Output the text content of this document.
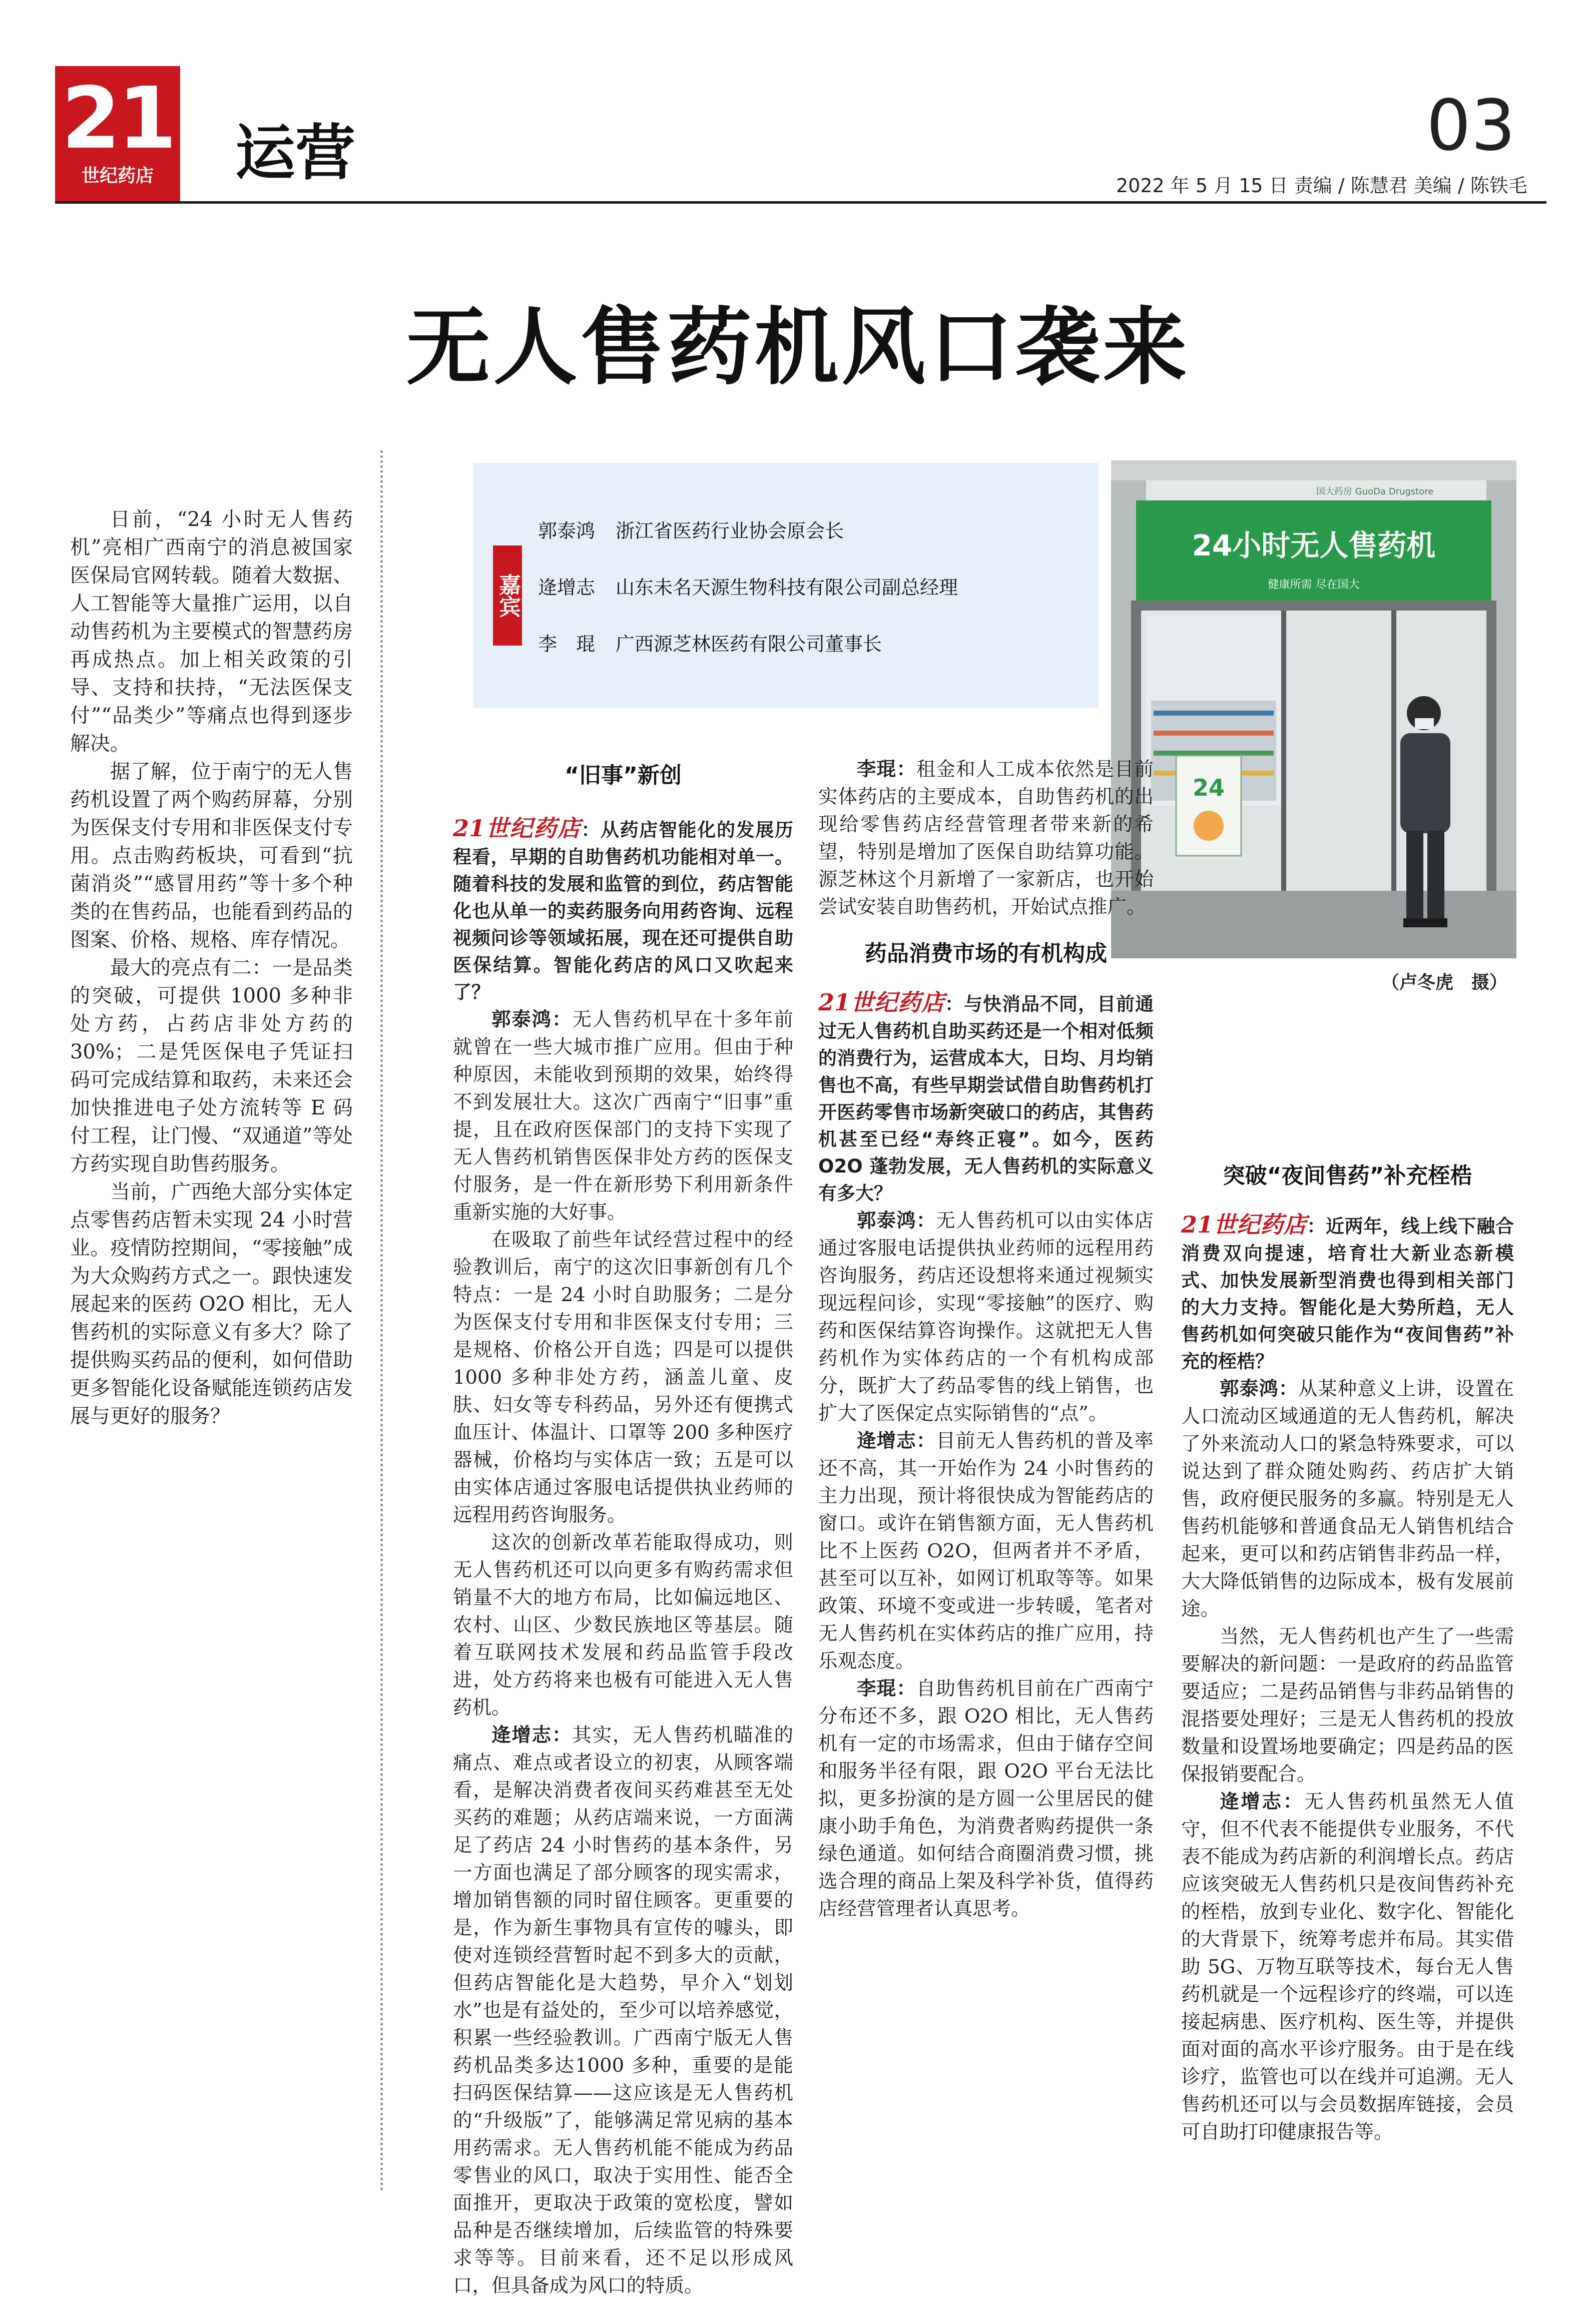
21
世纪药店	运营	03
2022 年 5 月 15 日 责编 / 陈慧君 美编 / 陈铁毛
无人售药机风口袭来

日前，“24 小时无人售药机”亮相广西南宁的消息被国家医保局官网转载。随着大数据、人工智能等大量推广运用，以自动售药机为主要模式的智慧药房再成热点。加上相关政策的引导、支持和扶持，“无法医保支付”“品类少”等痛点也得到逐步解决。

据了解，位于南宁的无人售药机设置了两个购药屏幕，分别为医保支付专用和非医保支付专用。点击购药板块，可看到“抗菌消炎”“感冒用药”等十多个种类的在售药品，也能看到药品的图案、价格、规格、库存情况。

最大的亮点有二：一是品类的突破，可提供 1000 多种非处方药，占药店非处方药的 30%；二是凭医保电子凭证扫码可完成结算和取药，未来还会加快推进电子处方流转等 E 码付工程，让门慢、“双通道”等处方药实现自助售药服务。

当前，广西绝大部分实体定点零售药店暂未实现 24 小时营业。疫情防控期间，“零接触”成为大众购药方式之一。跟快速发展起来的医药 O2O 相比，无人售药机的实际意义有多大？除了提供购买药品的便利，如何借助更多智能化设备赋能连锁药店发展与更好的服务？

嘉宾
郭泰鸿 浙江省医药行业协会原会长
逄增志 山东未名天源生物科技有限公司副总经理
李　琨 广西源芝林医药有限公司董事长
国大药房 GuoDa Drugstore
24小时无人售药机
健康所需 尽在国大
24
（卢冬虎　摄）
“旧事”新创

21世纪药店：从药店智能化的发展历程看，早期的自助售药机功能相对单一。随着科技的发展和监管的到位，药店智能化也从单一的卖药服务向用药咨询、远程视频问诊等领域拓展，现在还可提供自助医保结算。智能化药店的风口又吹起来了？

郭泰鸿：无人售药机早在十多年前就曾在一些大城市推广应用。但由于种种原因，未能收到预期的效果，始终得不到发展壮大。这次广西南宁“旧事”重提，且在政府医保部门的支持下实现了无人售药机销售医保非处方药的医保支付服务，是一件在新形势下利用新条件重新实施的大好事。

在吸取了前些年试经营过程中的经验教训后，南宁的这次旧事新创有几个特点：一是 24 小时自助服务；二是分为医保支付专用和非医保支付专用；三是规格、价格公开自选；四是可以提供 1000 多种非处方药，涵盖儿童、皮肤、妇女等专科药品，另外还有便携式血压计、体温计、口罩等 200 多种医疗器械，价格均与实体店一致；五是可以由实体店通过客服电话提供执业药师的远程用药咨询服务。

这次的创新改革若能取得成功，则无人售药机还可以向更多有购药需求但销量不大的地方布局，比如偏远地区、农村、山区、少数民族地区等基层。随着互联网技术发展和药品监管手段改进，处方药将来也极有可能进入无人售药机。

逄增志：其实，无人售药机瞄准的痛点、难点或者设立的初衷，从顾客端看，是解决消费者夜间买药难甚至无处买药的难题；从药店端来说，一方面满足了药店 24 小时售药的基本条件，另一方面也满足了部分顾客的现实需求，增加销售额的同时留住顾客。更重要的是，作为新生事物具有宣传的噱头，即使对连锁经营暂时起不到多大的贡献，但药店智能化是大趋势，早介入“划划水”也是有益处的，至少可以培养感觉，积累一些经验教训。广西南宁版无人售药机品类多达1000 多种，重要的是能扫码医保结算——这应该是无人售药机的“升级版”了，能够满足常见病的基本用药需求。无人售药机能不能成为药品零售业的风口，取决于实用性、能否全面推开，更取决于政策的宽松度，譬如品种是否继续增加，后续监管的特殊要求等等。目前来看，还不足以形成风口，但具备成为风口的特质。

李琨：租金和人工成本依然是目前实体药店的主要成本，自助售药机的出现给零售药店经营管理者带来新的希望，特别是增加了医保自助结算功能。源芝林这个月新增了一家新店，也开始尝试安装自助售药机，开始试点推广。

药品消费市场的有机构成

21世纪药店：与快消品不同，目前通过无人售药机自助买药还是一个相对低频的消费行为，运营成本大，日均、月均销售也不高，有些早期尝试借自助售药机打开医药零售市场新突破口的药店，其售药机甚至已经“寿终正寝”。如今，医药 O2O 蓬勃发展，无人售药机的实际意义有多大？

郭泰鸿：无人售药机可以由实体店通过客服电话提供执业药师的远程用药咨询服务，药店还设想将来通过视频实现远程问诊，实现“零接触”的医疗、购药和医保结算咨询操作。这就把无人售药机作为实体药店的一个有机构成部分，既扩大了药品零售的线上销售，也扩大了医保定点实际销售的“点”。

逄增志：目前无人售药机的普及率还不高，其一开始作为 24 小时售药的主力出现，预计将很快成为智能药店的窗口。或许在销售额方面，无人售药机比不上医药 O2O，但两者并不矛盾，甚至可以互补，如网订机取等等。如果政策、环境不变或进一步转暖，笔者对无人售药机在实体药店的推广应用，持乐观态度。

李琨：自助售药机目前在广西南宁分布还不多，跟 O2O 相比，无人售药机有一定的市场需求，但由于储存空间和服务半径有限，跟 O2O 平台无法比拟，更多扮演的是方圆一公里居民的健康小助手角色，为消费者购药提供一条绿色通道。如何结合商圈消费习惯，挑选合理的商品上架及科学补货，值得药店经营管理者认真思考。

突破“夜间售药”补充桎梏

21世纪药店：近两年，线上线下融合消费双向提速，培育壮大新业态新模式、加快发展新型消费也得到相关部门的大力支持。智能化是大势所趋，无人售药机如何突破只能作为“夜间售药”补充的桎梏？

郭泰鸿：从某种意义上讲，设置在人口流动区域通道的无人售药机，解决了外来流动人口的紧急特殊要求，可以说达到了群众随处购药、药店扩大销售，政府便民服务的多赢。特别是无人售药机能够和普通食品无人销售机结合起来，更可以和药店销售非药品一样，大大降低销售的边际成本，极有发展前途。

当然，无人售药机也产生了一些需要解决的新问题：一是政府的药品监管要适应；二是药品销售与非药品销售的混搭要处理好；三是无人售药机的投放数量和设置场地要确定；四是药品的医保报销要配合。

逄增志：无人售药机虽然无人值守，但不代表不能提供专业服务，不代表不能成为药店新的利润增长点。药店应该突破无人售药机只是夜间售药补充的桎梏，放到专业化、数字化、智能化的大背景下，统筹考虑并布局。其实借助 5G、万物互联等技术，每台无人售药机就是一个远程诊疗的终端，可以连接起病患、医疗机构、医生等，并提供面对面的高水平诊疗服务。由于是在线诊疗，监管也可以在线并可追溯。无人售药机还可以与会员数据库链接，会员可自助打印健康报告等。
